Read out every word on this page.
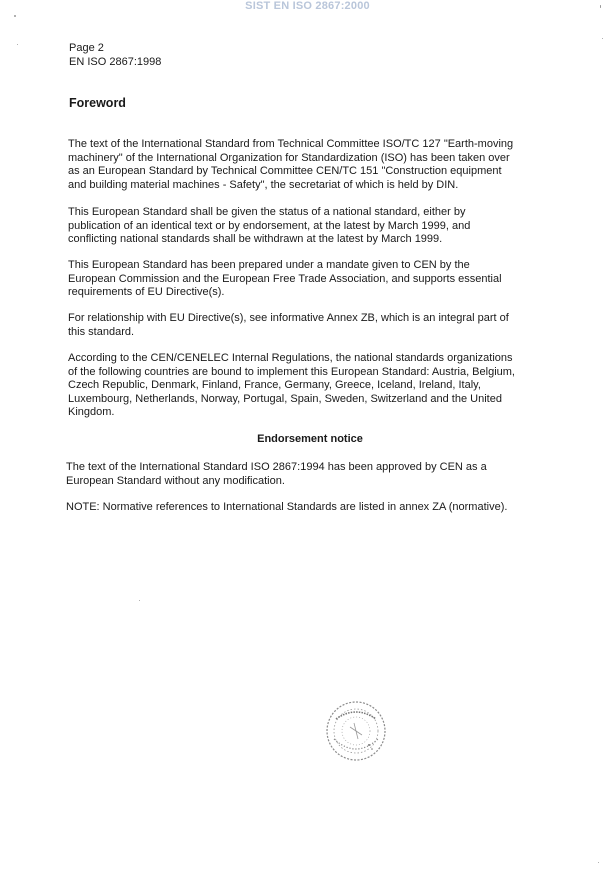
SIST EN ISO 2867:2000
Page 2
EN ISO 2867:1998
Foreword
The text of the International Standard from Technical Committee ISO/TC 127 "Earth-moving
machinery" of the International Organization for Standardization (ISO) has been taken over
as an European Standard by Technical Committee CEN/TC 151 "Construction equipment
and building material machines - Safety", the secretariat of which is held by DIN.
This European Standard shall be given the status of a national standard, either by
publication of an identical text or by endorsement, at the latest by March 1999, and
conflicting national standards shall be withdrawn at the latest by March 1999.
This European Standard has been prepared under a mandate given to CEN by the
European Commission and the European Free Trade Association, and supports essential
requirements of EU Directive(s).
For relationship with EU Directive(s), see informative Annex ZB, which is an integral part of
this standard.
According to the CEN/CENELEC Internal Regulations, the national standards organizations
of the following countries are bound to implement this European Standard: Austria, Belgium,
Czech Republic, Denmark, Finland, France, Germany, Greece, Iceland, Ireland, Italy,
Luxembourg, Netherlands, Norway, Portugal, Spain, Sweden, Switzerland and the United
Kingdom.
Endorsement notice
The text of the International Standard ISO 2867:1994 has been approved by CEN as a
European Standard without any modification.
NOTE: Normative references to International Standards are listed in annex ZA (normative).
